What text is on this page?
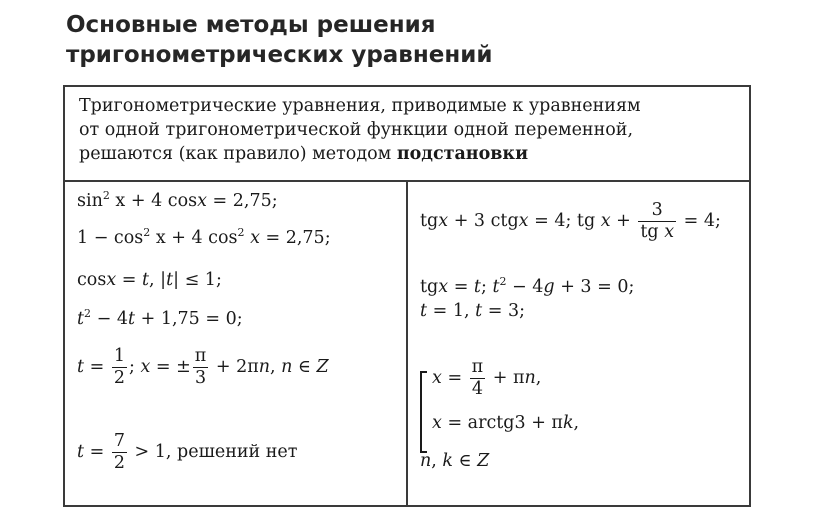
Основные методы решения
тригонометрических уравнений
Тригонометрические уравнения, приводимые к уравнениям
от одной тригонометрической функции одной переменной,
решаются (как правило) методом подстановки
$\sin^2 x + 4$ cosx = 2,75;
$1 - \cos^2 x + 4$ $\cos^2 x = 2,75$;
cosx = t, |t| ≤ 1;
$t^2 - 4t + 1,75 = 0$;
$t = \frac{1}{2}$ ; x = ± $\frac{\pi}{3} + 2\pi n$, n ∈ Z
$t = \frac{7}{2} > 1$, решений нет
tgx + 3 ctgx = 4; tg $x + \frac{3}{\text{tg x}} = 4$;
tgx = t; $t^2 - 4g + 3 = 0$;
t = 1, t = 3;
$x = \frac{\pi}{4} + \pi n$,
x = arctg3 + πk,
n, k ∈ Z
